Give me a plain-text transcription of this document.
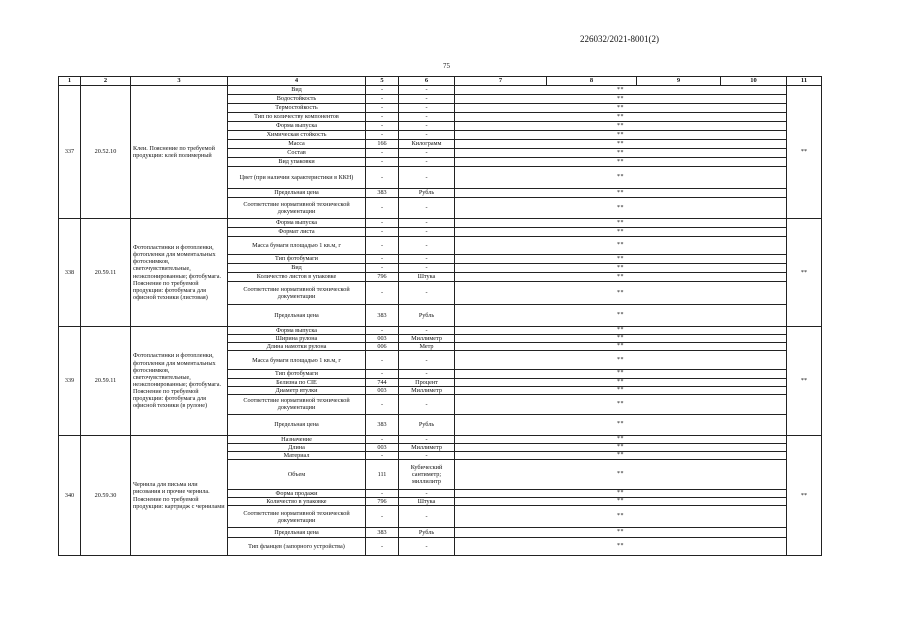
226032/2021-8001(2)
75
1	2	3	4	5	6	7	8	9	10	11
337	20.52.10	Клеи. Пояснение по требуемой продукции: клей полимерный	Вид	-	-	**				**
			Водостойкость	-	-	**				
			Термостойкость	-	-	**				
			Тип по количеству компонентов	-	-	**				
			Форма выпуска	-	-	**				
			Химическая стойкость	-	-	**				
			Масса	166	Килограмм	**				
			Состав	-	-	**				
			Вид упаковки	-	-	**				
			Цвет (при наличии характеристики в ККН)	-	-	**				
			Предельная цена	383	Рубль	**				
			Соответствие нормативной технической документации	-	-	**				
338	20.59.11	Фотопластинки и фотопленки, фотопленки для моментальных фотоснимков, светочувствительные, неэкспонированные; фотобумага. Пояснение по требуемой продукции: фотобумага для офисной техники (листовая)	Форма выпуска	-	-	**				**
			Формат листа	-	-	**				
			Масса бумаги площадью 1 кв.м, г	-	-	**				
			Тип фотобумаги	-	-	**				
			Вид	-	-	**				
			Количество листов в упаковке	796	Штука	**				
			Соответствие нормативной технической документации	-	-	**				
			Предельная цена	383	Рубль	**				
339	20.59.11	Фотопластинки и фотопленки, фотопленки для моментальных фотоснимков, светочувствительные, неэкспонированные; фотобумага. Пояснение по требуемой продукции: фотобумага для офисной техники (в рулоне)	Форма выпуска	-	-	**				**
			Ширина рулона	003	Миллиметр	**				
			Длина намотки рулона	006	Метр	**				
			Масса бумаги площадью 1 кв.м, г	-	-	**				
			Тип фотобумаги	-	-	**				
			Белизна по CIE	744	Процент	**				
			Диаметр втулки	003	Миллиметр	**				
			Соответствие нормативной технической документации	-	-	**				
			Предельная цена	383	Рубль	**				
340	20.59.30	Чернила для письма или рисования и прочие чернила. Пояснение по требуемой продукции: картридж с чернилами	Назначение	-	-	**				**
			Длина	003	Миллиметр	**				
			Материал	-	-	**				
			Объем	111	Кубический сантиметр; миллилитр	**				
			Форма продажи	-	-	**				
			Количество в упаковке	796	Штука	**				
			Соответствие нормативной технической документации	-	-	**				
			Предельная цена	383	Рубль	**				
			Тип фланцев (запорного устройства)	-	-	**				
